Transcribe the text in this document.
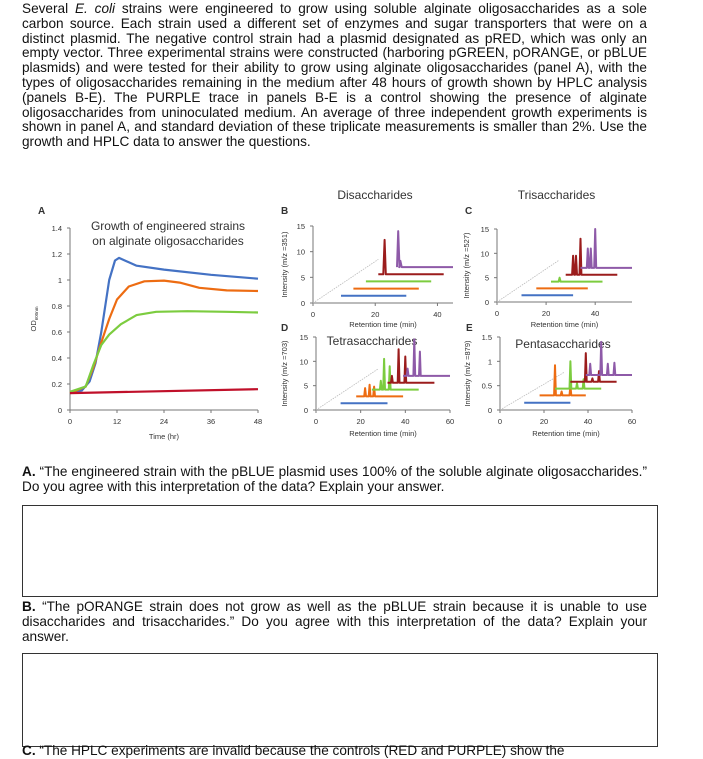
Several E. coli strains were engineered to grow using soluble alginate oligosaccharides as a sole carbon source. Each strain used a different set of enzymes and sugar transporters that were on a distinct plasmid. The negative control strain had a plasmid designated as pRED, which was only an empty vector. Three experimental strains were constructed (harboring pGREEN, pORANGE, or pBLUE plasmids) and were tested for their ability to grow using alginate oligosaccharides (panel A), with the types of oligosaccharides remaining in the medium after 48 hours of growth shown by HPLC analysis (panels B-E). The PURPLE trace in panels B-E is a control showing the presence of alginate oligosaccharides from uninoculated medium. An average of three independent growth experiments is shown in panel A, and standard deviation of these triplicate measurements is smaller than 2%. Use the growth and HPLC data to answer the questions.

A
0	12	24	36	48
0
0.2
0.4
0.6
0.8
1
1.2
1.4
Time (hr)
$OD_{600nm}$
Growth of engineered strains
on alginate oligosaccharides
B
0	20	40
0
5
10
15
Retention time (min)
Intensity (m/z =351)
Disaccharides
C
0	20	40
0
5
10
15
Retention time (min)
Intensity (m/z =527)
Trisaccharides
D
0	20	40	60
0
5
10
15
Retention time (min)
Intensity (m/z =703)	Tetrasaccharides
E
0	20	40	60
0
0.5
1
1.5
Retention time (min)
Intensity (m/z =879)	Pentasaccharides

A. “The engineered strain with the pBLUE plasmid uses 100% of the soluble alginate oligosaccharides.” Do you agree with this interpretation of the data? Explain your answer.

B. “The pORANGE strain does not grow as well as the pBLUE strain because it is unable to use disaccharides and trisaccharides.” Do you agree with this interpretation of the data? Explain your answer.

C. “The HPLC experiments are invalid because the controls (RED and PURPLE) show the
